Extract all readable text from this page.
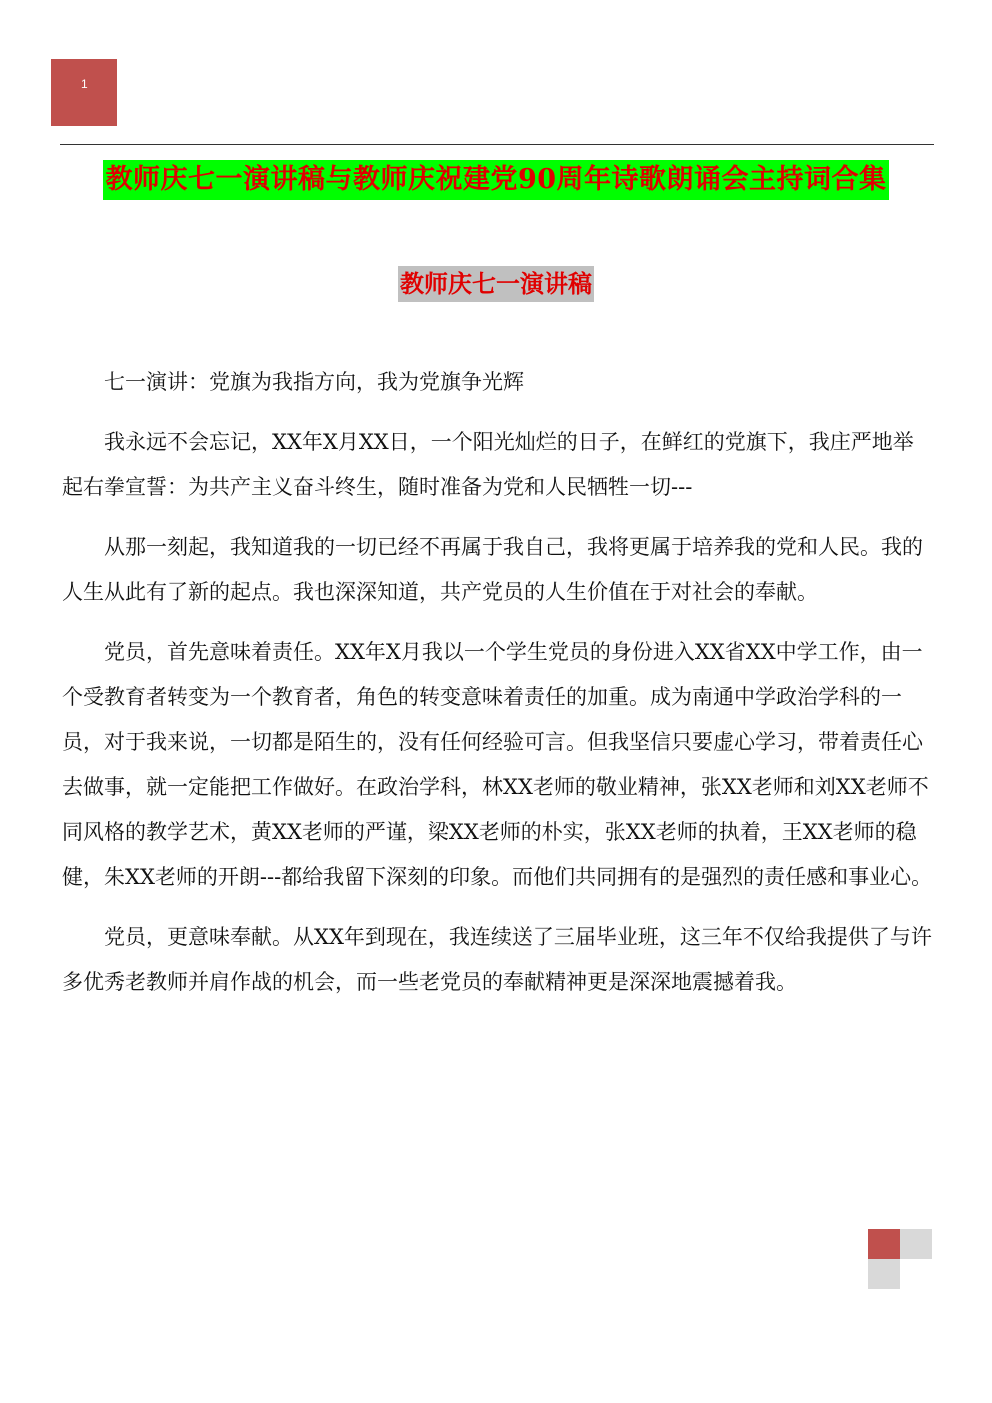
1
教师庆七一演讲稿与教师庆祝建党90周年诗歌朗诵会主持词合集
教师庆七一演讲稿

七一演讲：党旗为我指方向，我为党旗争光辉

我永远不会忘记，XX年X月XX日，一个阳光灿烂的日子，在鲜红的党旗下，我庄严地举起右拳宣誓：为共产主义奋斗终生，随时准备为党和人民牺牲一切---

从那一刻起，我知道我的一切已经不再属于我自己，我将更属于培养我的党和人民。我的人生从此有了新的起点。我也深深知道，共产党员的人生价值在于对社会的奉献。

党员，首先意味着责任。XX年X月我以一个学生党员的身份进入XX省XX中学工作，由一个受教育者转变为一个教育者，角色的转变意味着责任的加重。成为南通中学政治学科的一员，对于我来说，一切都是陌生的，没有任何经验可言。但我坚信只要虚心学习，带着责任心去做事，就一定能把工作做好。在政治学科，林XX老师的敬业精神，张XX老师和刘XX老师不同风格的教学艺术，黄XX老师的严谨，梁XX老师的朴实，张XX老师的执着，王XX老师的稳健，朱XX老师的开朗---都给我留下深刻的印象。而他们共同拥有的是强烈的责任感和事业心。

党员，更意味奉献。从XX年到现在，我连续送了三届毕业班，这三年不仅给我提供了与许多优秀老教师并肩作战的机会，而一些老党员的奉献精神更是深深地震撼着我。
